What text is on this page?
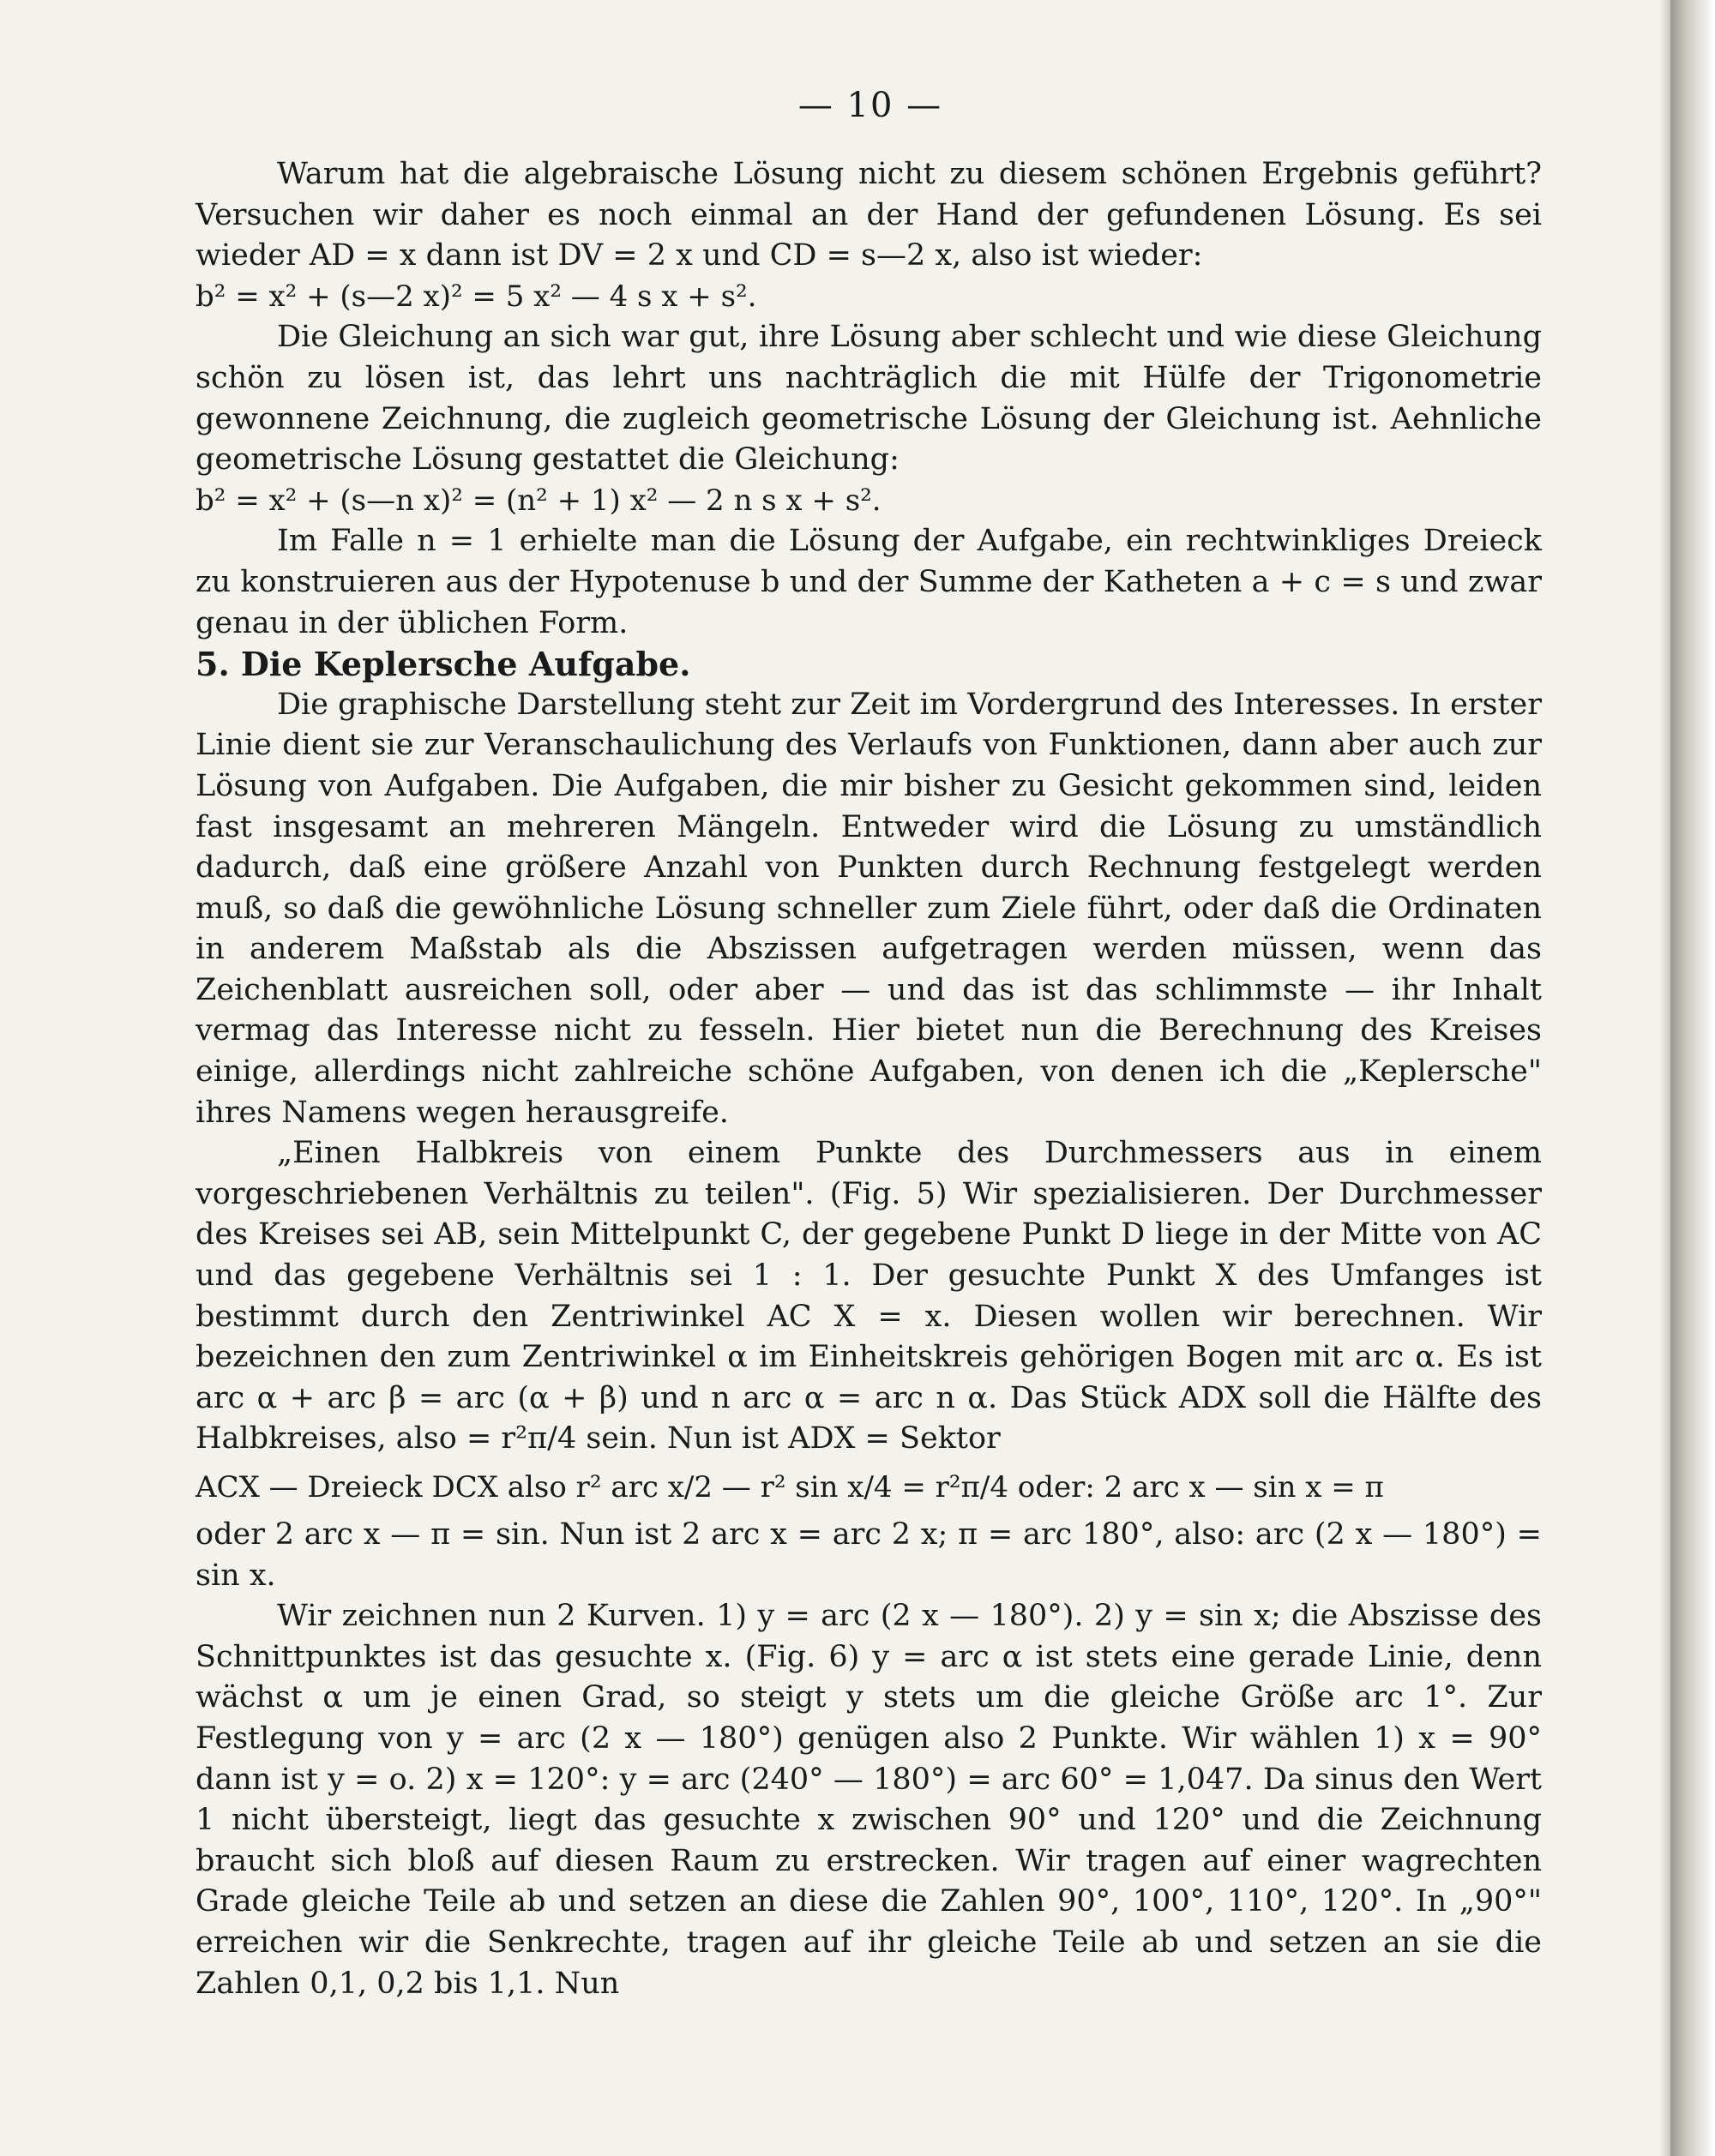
— 10 —

Warum hat die algebraische Lösung nicht zu diesem schönen Ergebnis geführt? Versuchen wir daher es noch einmal an der Hand der gefundenen Lösung. Es sei wieder AD = x dann ist DV = 2 x und CD = s—2 x, also ist wieder:

b² = x² + (s—2 x)² = 5 x² — 4 s x + s².

Die Gleichung an sich war gut, ihre Lösung aber schlecht und wie diese Gleichung schön zu lösen ist, das lehrt uns nachträglich die mit Hülfe der Trigonometrie gewonnene Zeichnung, die zugleich geometrische Lösung der Gleichung ist. Aehnliche geometrische Lösung gestattet die Gleichung:

b² = x² + (s—n x)² = (n² + 1) x² — 2 n s x + s².

Im Falle n = 1 erhielte man die Lösung der Aufgabe, ein rechtwinkliges Dreieck zu konstruieren aus der Hypotenuse b und der Summe der Katheten a + c = s und zwar genau in der üblichen Form.

5. Die Keplersche Aufgabe.

Die graphische Darstellung steht zur Zeit im Vordergrund des Interesses. In erster Linie dient sie zur Veranschaulichung des Verlaufs von Funktionen, dann aber auch zur Lösung von Aufgaben. Die Aufgaben, die mir bisher zu Gesicht gekommen sind, leiden fast insgesamt an mehreren Mängeln. Entweder wird die Lösung zu umständlich dadurch, daß eine größere Anzahl von Punkten durch Rechnung festgelegt werden muß, so daß die gewöhnliche Lösung schneller zum Ziele führt, oder daß die Ordinaten in anderem Maßstab als die Abszissen aufgetragen werden müssen, wenn das Zeichenblatt ausreichen soll, oder aber — und das ist das schlimmste — ihr Inhalt vermag das Interesse nicht zu fesseln. Hier bietet nun die Berechnung des Kreises einige, allerdings nicht zahlreiche schöne Aufgaben, von denen ich die „Keplersche" ihres Namens wegen herausgreife.

„Einen Halbkreis von einem Punkte des Durchmessers aus in einem vorgeschriebenen Verhältnis zu teilen". (Fig. 5) Wir spezialisieren. Der Durchmesser des Kreises sei AB, sein Mittelpunkt C, der gegebene Punkt D liege in der Mitte von AC und das gegebene Verhältnis sei 1 : 1. Der gesuchte Punkt X des Umfanges ist bestimmt durch den Zentriwinkel AC X = x. Diesen wollen wir berechnen. Wir bezeichnen den zum Zentriwinkel α im Einheitskreis gehörigen Bogen mit arc α. Es ist arc α + arc β = arc (α + β) und n arc α = arc n α. Das Stück ADX soll die Hälfte des Halbkreises, also = r²π/4 sein. Nun ist ADX = Sektor

ACX — Dreieck DCX also r² arc x/2 — r² sin x/4 = r²π/4 oder: 2 arc x — sin x = π

oder 2 arc x — π = sin. Nun ist 2 arc x = arc 2 x; π = arc 180°, also: arc (2 x — 180°) = sin x.

Wir zeichnen nun 2 Kurven. 1) y = arc (2 x — 180°). 2) y = sin x; die Abszisse des Schnittpunktes ist das gesuchte x. (Fig. 6) y = arc α ist stets eine gerade Linie, denn wächst α um je einen Grad, so steigt y stets um die gleiche Größe arc 1°. Zur Festlegung von y = arc (2 x — 180°) genügen also 2 Punkte. Wir wählen 1) x = 90° dann ist y = o. 2) x = 120°: y = arc (240° — 180°) = arc 60° = 1,047. Da sinus den Wert 1 nicht übersteigt, liegt das gesuchte x zwischen 90° und 120° und die Zeichnung braucht sich bloß auf diesen Raum zu erstrecken. Wir tragen auf einer wagrechten Grade gleiche Teile ab und setzen an diese die Zahlen 90°, 100°, 110°, 120°. In „90°" erreichen wir die Senkrechte, tragen auf ihr gleiche Teile ab und setzen an sie die Zahlen 0,1, 0,2 bis 1,1. Nun
